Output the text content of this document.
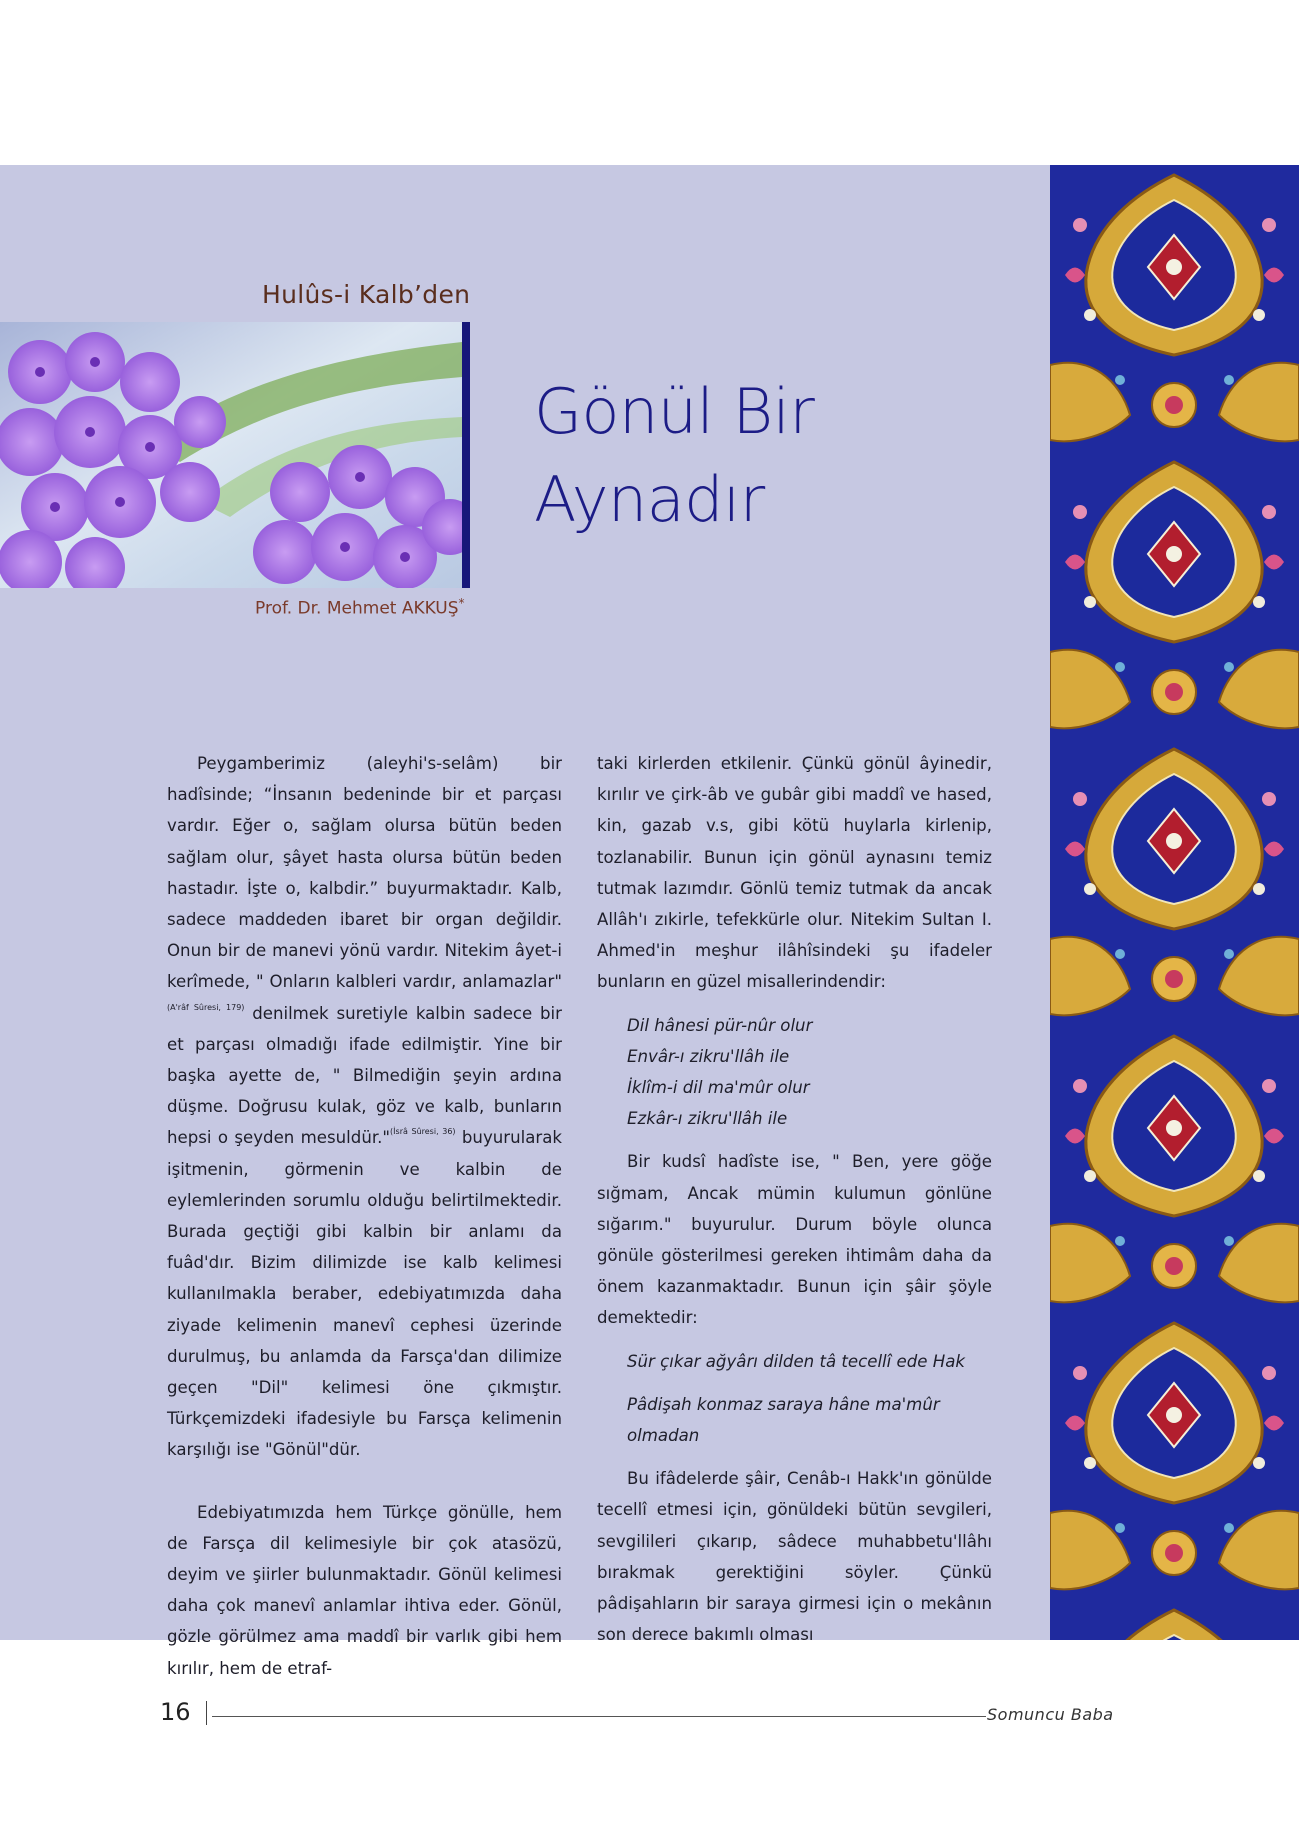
Hulûs-i Kalb’den
Gönül Bir
Aynadır
Prof. Dr. Mehmet AKKUŞ*

Peygamberimiz (aleyhi's-selâm) bir hadîsinde; “İnsanın bedeninde bir et parçası vardır. Eğer o, sağlam olursa bütün beden sağlam olur, şâyet hasta olursa bütün beden hastadır. İşte o, kalbdir.” buyurmaktadır. Kalb, sadece maddeden ibaret bir organ değildir. Onun bir de manevi yönü vardır. Nitekim âyet-i kerîmede, " Onların kalbleri vardır, anlamazlar"$^{(A'râf Sûresi, 179)}$ denilmek suretiyle kalbin sadece bir et parçası olmadığı ifade edilmiştir. Yine bir başka ayette de, " Bilmediğin şeyin ardına düşme. Doğrusu kulak, göz ve kalb, bunların hepsi o şeyden mesuldür."$^{(İsrâ Sûresi, 36)}$ buyurularak işitmenin, görmenin ve kalbin de eylemlerinden sorumlu olduğu belirtilmektedir. Burada geçtiği gibi kalbin bir anlamı da fuâd'dır. Bizim dilimizde ise kalb kelimesi kullanılmakla beraber, edebiyatımızda daha ziyade kelimenin manevî cephesi üzerinde durulmuş, bu anlamda da Farsça'dan dilimize geçen "Dil" kelimesi öne çıkmıştır. Türkçemizdeki ifadesiyle bu Farsça kelimenin karşılığı ise "Gönül"dür.

Edebiyatımızda hem Türkçe gönülle, hem de Farsça dil kelimesiyle bir çok atasözü, deyim ve şiirler bulunmaktadır. Gönül kelimesi daha çok manevî anlamlar ihtiva eder. Gönül, gözle görülmez ama maddî bir varlık gibi hem kırılır, hem de etraf-

taki kirlerden etkilenir. Çünkü gönül âyinedir, kırılır ve çirk-âb ve gubâr gibi maddî ve hased, kin, gazab v.s, gibi kötü huylarla kirlenip, tozlanabilir. Bunun için gönül aynasını temiz tutmak lazımdır. Gönlü temiz tutmak da ancak Allâh'ı zıkirle, tefekkürle olur. Nitekim Sultan I. Ahmed'in meşhur ilâhîsindeki şu ifadeler bunların en güzel misallerindendir:

Dil hânesi pür-nûr olur

Envâr-ı zikru'llâh ile

İklîm-i dil ma'mûr olur

Ezkâr-ı zikru'llâh ile

Bir kudsî hadîste ise, " Ben, yere göğe sığmam, Ancak mümin kulumun gönlüne sığarım." buyurulur. Durum böyle olunca gönüle gösterilmesi gereken ihtimâm daha da önem kazanmaktadır. Bunun için şâir şöyle demektedir:

Sür çıkar ağyârı dilden tâ tecellî ede Hak

Pâdişah konmaz saraya hâne ma'mûr olmadan

Bu ifâdelerde şâir, Cenâb-ı Hakk'ın gönülde tecellî etmesi için, gönüldeki bütün sevgileri, sevgilileri çıkarıp, sâdece muhabbetu'llâhı bırakmak gerektiğini söyler. Çünkü pâdişahların bir saraya girmesi için o mekânın son derece bakımlı olması

16	Somuncu Baba
